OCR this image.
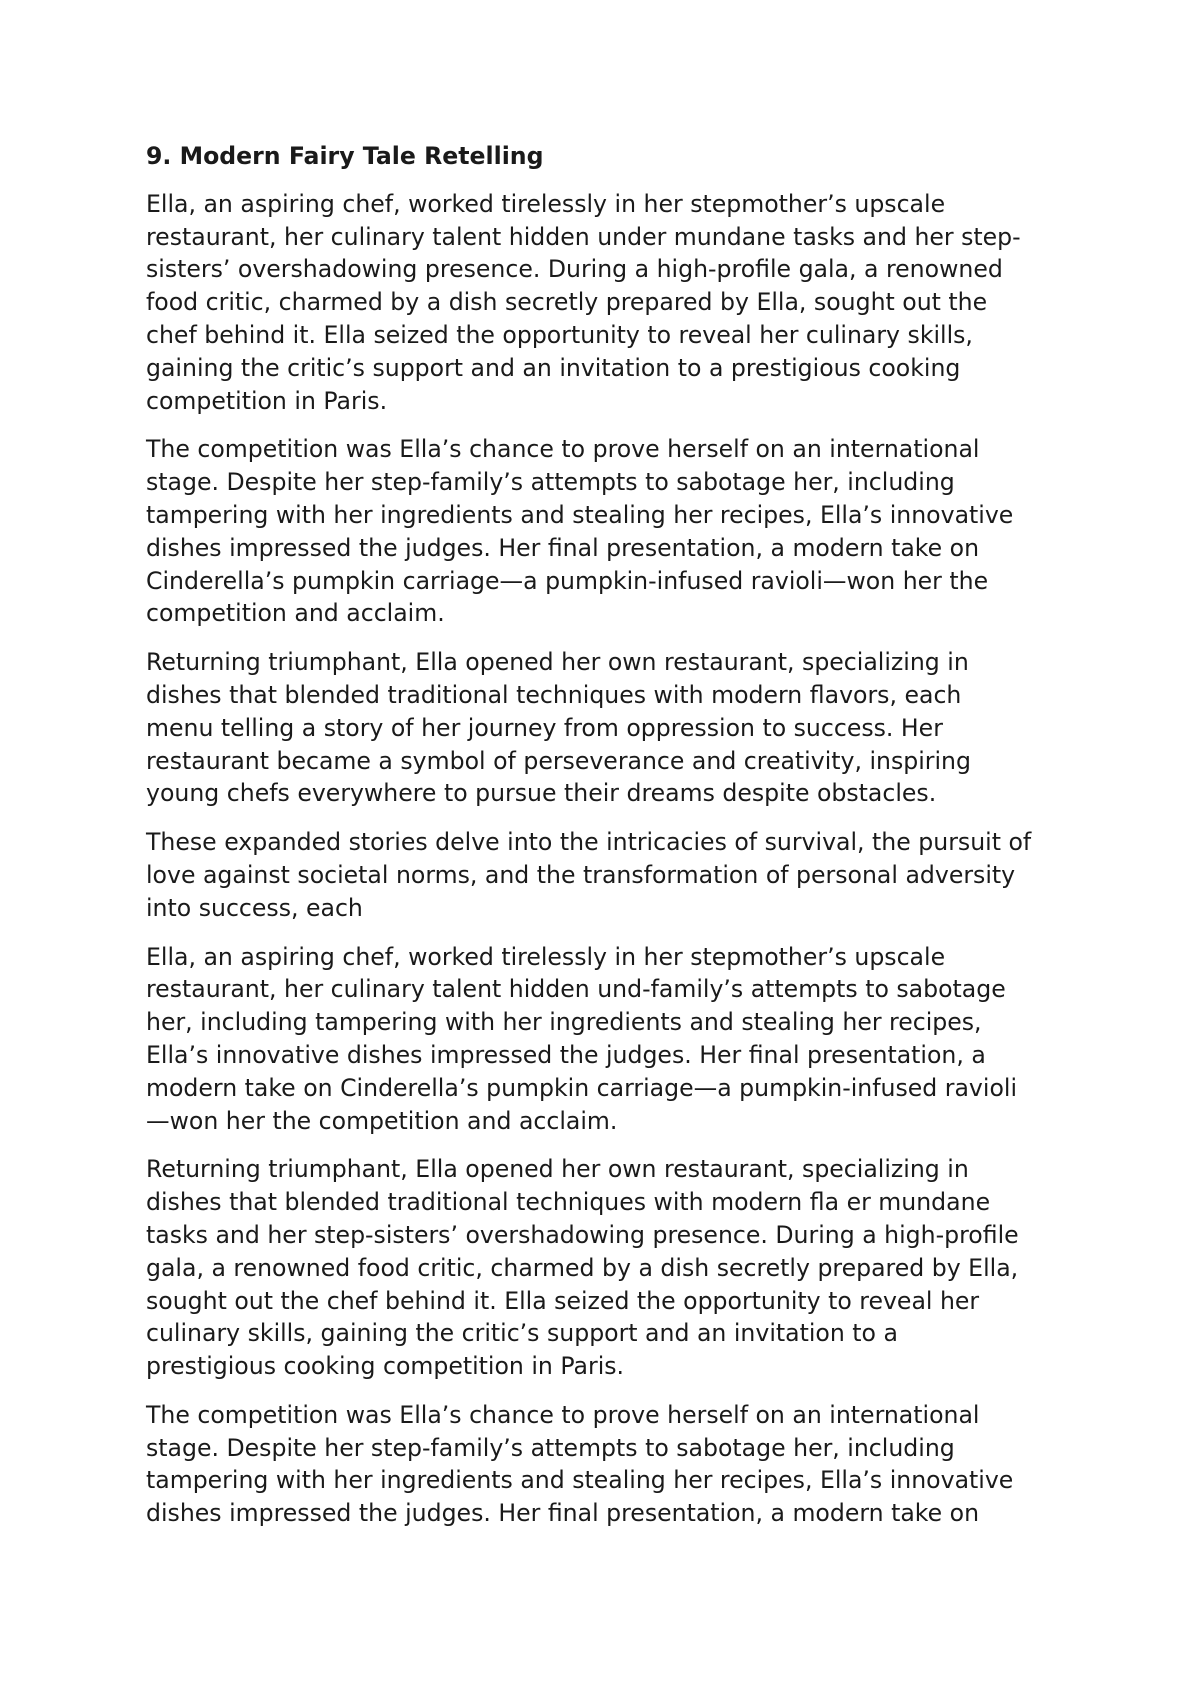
9. Modern Fairy Tale Retelling
Ella, an aspiring chef, worked tirelessly in her stepmother’s upscale
restaurant, her culinary talent hidden under mundane tasks and her step-
sisters’ overshadowing presence. During a high-profile gala, a renowned
food critic, charmed by a dish secretly prepared by Ella, sought out the
chef behind it. Ella seized the opportunity to reveal her culinary skills,
gaining the critic’s support and an invitation to a prestigious cooking
competition in Paris.
The competition was Ella’s chance to prove herself on an international
stage. Despite her step-family’s attempts to sabotage her, including
tampering with her ingredients and stealing her recipes, Ella’s innovative
dishes impressed the judges. Her final presentation, a modern take on
Cinderella’s pumpkin carriage—a pumpkin-infused ravioli—won her the
competition and acclaim.
Returning triumphant, Ella opened her own restaurant, specializing in
dishes that blended traditional techniques with modern flavors, each
menu telling a story of her journey from oppression to success. Her
restaurant became a symbol of perseverance and creativity, inspiring
young chefs everywhere to pursue their dreams despite obstacles.
These expanded stories delve into the intricacies of survival, the pursuit of
love against societal norms, and the transformation of personal adversity
into success, each
Ella, an aspiring chef, worked tirelessly in her stepmother’s upscale
restaurant, her culinary talent hidden und-family’s attempts to sabotage
her, including tampering with her ingredients and stealing her recipes,
Ella’s innovative dishes impressed the judges. Her final presentation, a
modern take on Cinderella’s pumpkin carriage—a pumpkin-infused ravioli
—won her the competition and acclaim.
Returning triumphant, Ella opened her own restaurant, specializing in
dishes that blended traditional techniques with modern fla er mundane
tasks and her step-sisters’ overshadowing presence. During a high-profile
gala, a renowned food critic, charmed by a dish secretly prepared by Ella,
sought out the chef behind it. Ella seized the opportunity to reveal her
culinary skills, gaining the critic’s support and an invitation to a
prestigious cooking competition in Paris.
The competition was Ella’s chance to prove herself on an international
stage. Despite her step-family’s attempts to sabotage her, including
tampering with her ingredients and stealing her recipes, Ella’s innovative
dishes impressed the judges. Her final presentation, a modern take on
